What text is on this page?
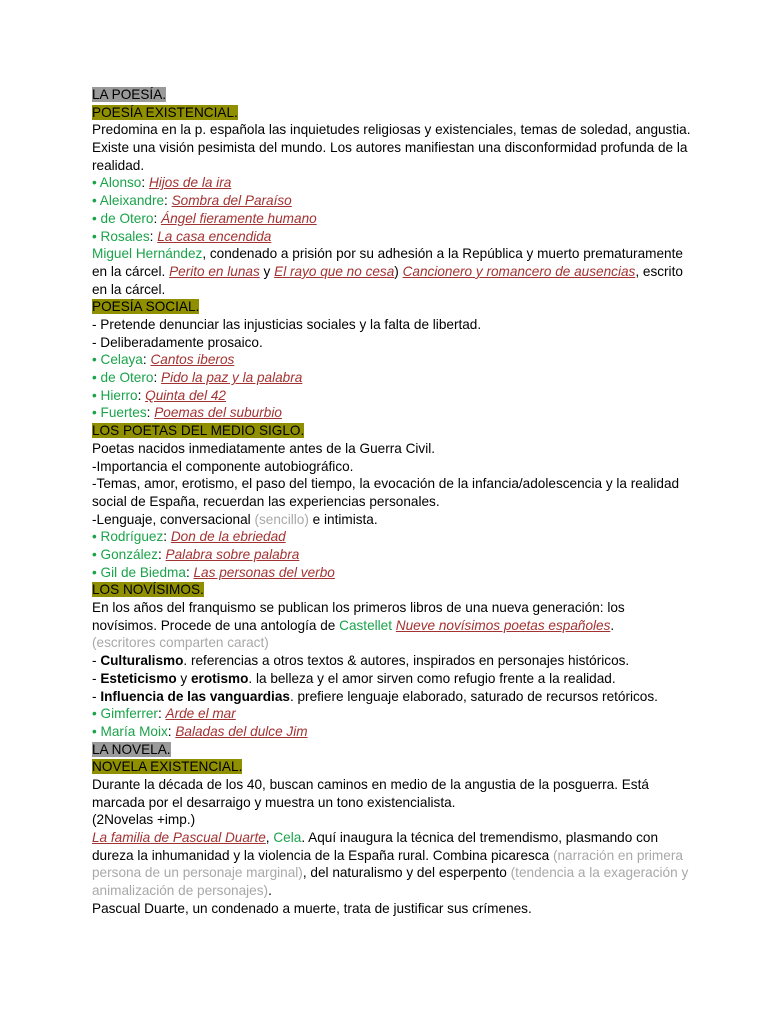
LA POESÍA.
POESÍA EXISTENCIAL.
Predomina en la p. española las inquietudes religiosas y existenciales, temas de soledad, angustia. Existe una visión pesimista del mundo. Los autores manifiestan una disconformidad profunda de la realidad.
• Alonso: Hijos de la ira
• Aleixandre: Sombra del Paraíso
• de Otero: Ángel fieramente humano
• Rosales: La casa encendida
Miguel Hernández, condenado a prisión por su adhesión a la República y muerto prematuramente en la cárcel. Perito en lunas y El rayo que no cesa) Cancionero y romancero de ausencias, escrito en la cárcel.
POESÍA SOCIAL.
- Pretende denunciar las injusticias sociales y la falta de libertad.
- Deliberadamente prosaico.
• Celaya: Cantos iberos
• de Otero: Pido la paz y la palabra
• Hierro: Quinta del 42
• Fuertes: Poemas del suburbio
LOS POETAS DEL MEDIO SIGLO.
Poetas nacidos inmediatamente antes de la Guerra Civil.
-Importancia el componente autobiográfico.
-Temas, amor, erotismo, el paso del tiempo, la evocación de la infancia/adolescencia y la realidad social de España, recuerdan las experiencias personales.
-Lenguaje, conversacional (sencillo) e intimista.
• Rodríguez: Don de la ebriedad
• González: Palabra sobre palabra
• Gil de Biedma: Las personas del verbo
LOS NOVÍSIMOS.
En los años del franquismo se publican los primeros libros de una nueva generación: los novísimos. Procede de una antología de Castellet Nueve novísimos poetas españoles.
(escritores comparten caract)
- Culturalismo. referencias a otros textos & autores, inspirados en personajes históricos.
- Esteticismo y erotismo. la belleza y el amor sirven como refugio frente a la realidad.
- Influencia de las vanguardias. prefiere lenguaje elaborado, saturado de recursos retóricos.
• Gimferrer: Arde el mar
• María Moix: Baladas del dulce Jim
LA NOVELA.
NOVELA EXISTENCIAL.
Durante la década de los 40, buscan caminos en medio de la angustia de la posguerra. Está marcada por el desarraigo y muestra un tono existencialista.
(2Novelas +imp.)
La familia de Pascual Duarte, Cela. Aquí inaugura la técnica del tremendismo, plasmando con dureza la inhumanidad y la violencia de la España rural. Combina picaresca (narración en primera persona de un personaje marginal), del naturalismo y del esperpento (tendencia a la exageración y animalización de personajes).
Pascual Duarte, un condenado a muerte, trata de justificar sus crímenes.
